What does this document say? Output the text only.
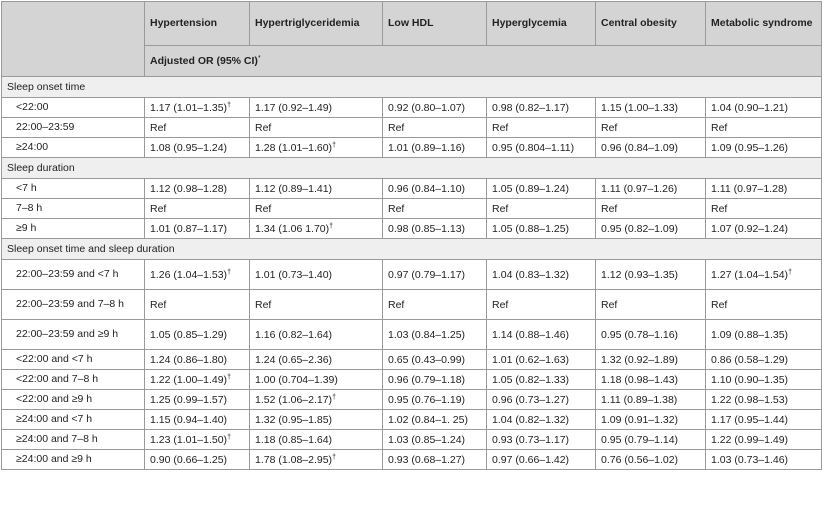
	Hypertension	Hypertriglyceridemia	Low HDL	Hyperglycemia	Central obesity	Metabolic syndrome
	Adjusted OR (95% CI)*
Sleep onset time						
<22:00	1.17 (1.01–1.35)†	1.17 (0.92–1.49)	0.92 (0.80–1.07)	0.98 (0.82–1.17)	1.15 (1.00–1.33)	1.04 (0.90–1.21)
22:00–23:59	Ref	Ref	Ref	Ref	Ref	Ref
≥24:00	1.08 (0.95–1.24)	1.28 (1.01–1.60)†	1.01 (0.89–1.16)	0.95 (0.804–1.11)	0.96 (0.84–1.09)	1.09 (0.95–1.26)
Sleep duration						
<7 h	1.12 (0.98–1.28)	1.12 (0.89–1.41)	0.96 (0.84–1.10)	1.05 (0.89–1.24)	1.11 (0.97–1.26)	1.11 (0.97–1.28)
7–8 h	Ref	Ref	Ref	Ref	Ref	Ref
≥9 h	1.01 (0.87–1.17)	1.34 (1.06 1.70)†	0.98 (0.85–1.13)	1.05 (0.88–1.25)	0.95 (0.82–1.09)	1.07 (0.92–1.24)
Sleep onset time and sleep duration						
22:00–23:59 and <7 h	1.26 (1.04–1.53)†	1.01 (0.73–1.40)	0.97 (0.79–1.17)	1.04 (0.83–1.32)	1.12 (0.93–1.35)	1.27 (1.04–1.54)†
22:00–23:59 and 7–8 h	Ref	Ref	Ref	Ref	Ref	Ref
22:00–23:59 and ≥9 h	1.05 (0.85–1.29)	1.16 (0.82–1.64)	1.03 (0.84–1.25)	1.14 (0.88–1.46)	0.95 (0.78–1.16)	1.09 (0.88–1.35)
<22:00 and <7 h	1.24 (0.86–1.80)	1.24 (0.65–2.36)	0.65 (0.43–0.99)	1.01 (0.62–1.63)	1.32 (0.92–1.89)	0.86 (0.58–1.29)
<22:00 and 7–8 h	1.22 (1.00–1.49)†	1.00 (0.704–1.39)	0.96 (0.79–1.18)	1.05 (0.82–1.33)	1.18 (0.98–1.43)	1.10 (0.90–1.35)
<22:00 and ≥9 h	1.25 (0.99–1.57)	1.52 (1.06–2.17)†	0.95 (0.76–1.19)	0.96 (0.73–1.27)	1.11 (0.89–1.38)	1.22 (0.98–1.53)
≥24:00 and <7 h	1.15 (0.94–1.40)	1.32 (0.95–1.85)	1.02 (0.84–1. 25)	1.04 (0.82–1.32)	1.09 (0.91–1.32)	1.17 (0.95–1.44)
≥24:00 and 7–8 h	1.23 (1.01–1.50)†	1.18 (0.85–1.64)	1.03 (0.85–1.24)	0.93 (0.73–1.17)	0.95 (0.79–1.14)	1.22 (0.99–1.49)
≥24:00 and ≥9 h	0.90 (0.66–1.25)	1.78 (1.08–2.95)†	0.93 (0.68–1.27)	0.97 (0.66–1.42)	0.76 (0.56–1.02)	1.03 (0.73–1.46)
